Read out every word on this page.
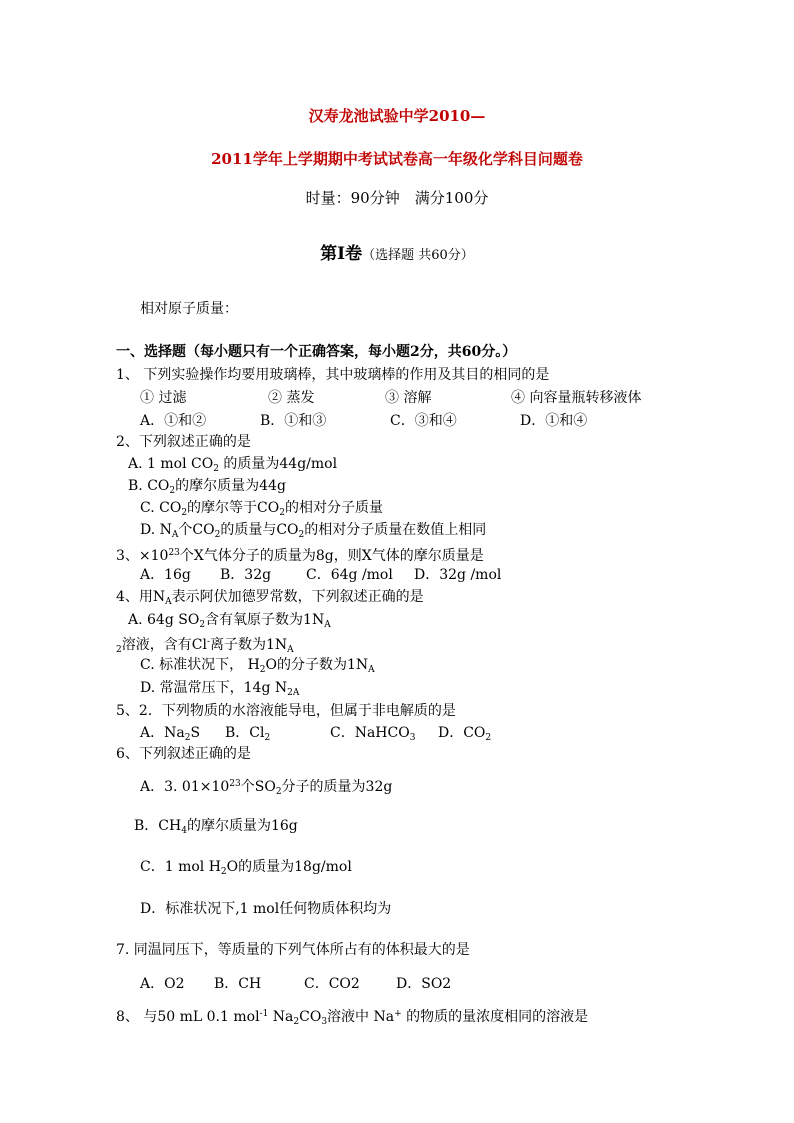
汉寿龙池试验中学2010—
2011学年上学期期中考试试卷高一年级化学科目问题卷
时量：90分钟　满分100分
第Ⅰ卷（选择题 共60分）
相对原子质量：
一、选择题（每小题只有一个正确答案，每小题2分，共60分。）
1、 下列实验操作均要用玻璃棒，其中玻璃棒的作用及其目的相同的是
① 过滤	② 蒸发	③ 溶解	④ 向容量瓶转移液体
A．①和②	B．①和③	C．③和④	D．①和④
2、下列叙述正确的是
A. 1 mol $CO_2$ 的质量为44g/mol
B. $CO_2$的摩尔质量为44g
C. $CO_2$的摩尔等于$CO_2$的相对分子质量
D. $N_A$个$CO_2$的质量与$CO_2$的相对分子质量在数值上相同
3、$\times 10^{23}$个X气体分子的质量为8g，则X气体的摩尔质量是
A．16g B．32g C．64g /mol D．32g /mol
4、用$N_A$表示阿伏加德罗常数，下列叙述正确的是
A. 64g $SO_2$含有氧原子数为$1N_A$
$_2$溶液，含有Cl-离子数为$1N_A$
C. 标准状况下， $H_2O$的分子数为$1N_A$
D. 常温常压下，14g $N_{2A}$
5、2．下列物质的水溶液能导电，但属于非电解质的是
A．$Na_2S$ B．$Cl_2$	C．NaHCO$_3$ D．$CO_2$
6、下列叙述正确的是
A．3. $01\times 10^{23}$个$SO_2$分子的质量为32g
B．$CH_4$的摩尔质量为16g
C．1 mol $H_2O$的质量为18g/mol
D．标准状况下,1 mol任何物质体积均为
7. 同温同压下，等质量的下列气体所占有的体积最大的是
A．O2 B．CH	C．CO2	D．SO2
8、 与50 mL 0.1 mol$^{-1}$ $Na_2CO_3$溶液中 Na+ 的物质的量浓度相同的溶液是
